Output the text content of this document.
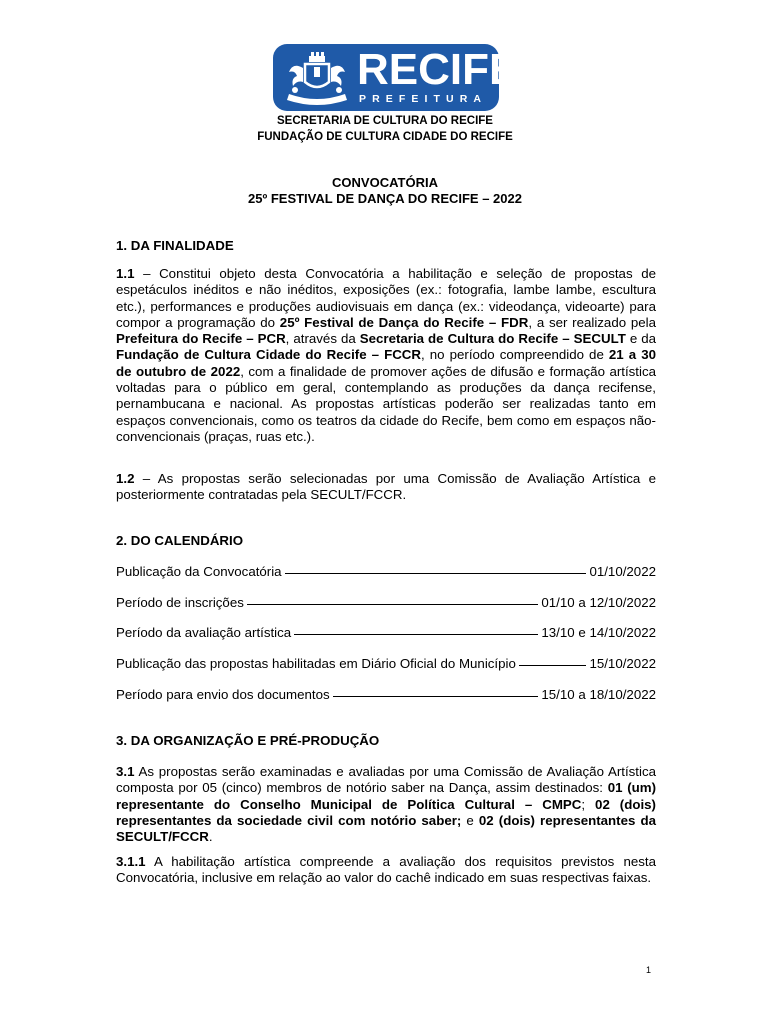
RECIFE
PREFEITURA
SECRETARIA DE CULTURA DO RECIFE
FUNDAÇÃO DE CULTURA CIDADE DO RECIFE
CONVOCATÓRIA
25º FESTIVAL DE DANÇA DO RECIFE – 2022
1. DA FINALIDADE
1.1 – Constitui objeto desta Convocatória a habilitação e seleção de propostas de espetáculos inéditos e não inéditos, exposições (ex.: fotografia, lambe lambe, escultura etc.), performances e produções audiovisuais em dança (ex.: videodança, videoarte) para compor a programação do 25º Festival de Dança do Recife – FDR, a ser realizado pela Prefeitura do Recife – PCR, através da Secretaria de Cultura do Recife – SECULT e da Fundação de Cultura Cidade do Recife – FCCR, no período compreendido de 21 a 30 de outubro de 2022, com a finalidade de promover ações de difusão e formação artística voltadas para o público em geral, contemplando as produções da dança recifense, pernambucana e nacional. As propostas artísticas poderão ser realizadas tanto em espaços convencionais, como os teatros da cidade do Recife, bem como em espaços não-convencionais (praças, ruas etc.).
1.2 – As propostas serão selecionadas por uma Comissão de Avaliação Artística e posteriormente contratadas pela SECULT/FCCR.
2. DO CALENDÁRIO
Publicação da Convocatória	01/10/2022
Período de inscrições	01/10 a 12/10/2022
Período da avaliação artística	13/10 e 14/10/2022
Publicação das propostas habilitadas em Diário Oficial do Município	15/10/2022
Período para envio dos documentos	15/10 a 18/10/2022
3. DA ORGANIZAÇÃO E PRÉ-PRODUÇÃO
3.1 As propostas serão examinadas e avaliadas por uma Comissão de Avaliação Artística composta por 05 (cinco) membros de notório saber na Dança, assim destinados: 01 (um) representante do Conselho Municipal de Política Cultural – CMPC; 02 (dois) representantes da sociedade civil com notório saber; e 02 (dois) representantes da SECULT/FCCR.
3.1.1 A habilitação artística compreende a avaliação dos requisitos previstos nesta Convocatória, inclusive em relação ao valor do cachê indicado em suas respectivas faixas.
1
